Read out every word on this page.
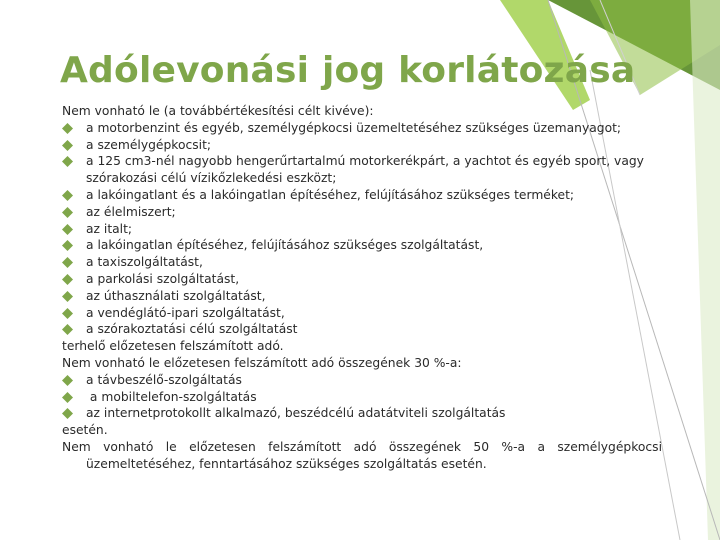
Adólevonási jog korlátozása
Nem vonható le (a továbbértékesítési célt kivéve):
a motorbenzint és egyéb, személygépkocsi üzemeltetéséhez szükséges üzemanyagot;
a személygépkocsit;
a 125 cm3-nél nagyobb hengerűrtartalmú motorkerékpárt, a yachtot és egyéb sport, vagy
szórakozási célú vízikőzlekedési eszközt;
a lakóingatlant és a lakóingatlan építéséhez, felújításához szükséges terméket;
az élelmiszert;
az italt;
a lakóingatlan építéséhez, felújításához szükséges szolgáltatást,
a taxiszolgáltatást,
a parkolási szolgáltatást,
az úthasználati szolgáltatást,
a vendéglátó-ipari szolgáltatást,
a szórakoztatási célú szolgáltatást
terhelő előzetesen felszámított adó.
Nem vonható le előzetesen felszámított adó összegének 30 %-a:
a távbeszélő-szolgáltatás
a mobiltelefon-szolgáltatás
az internetprotokollt alkalmazó, beszédcélú adatátviteli szolgáltatás
esetén.
Nem vonható le előzetesen felszámított adó összegének 50 %-a a személygépkocsi
üzemeltetéséhez, fenntartásához szükséges szolgáltatás esetén.
